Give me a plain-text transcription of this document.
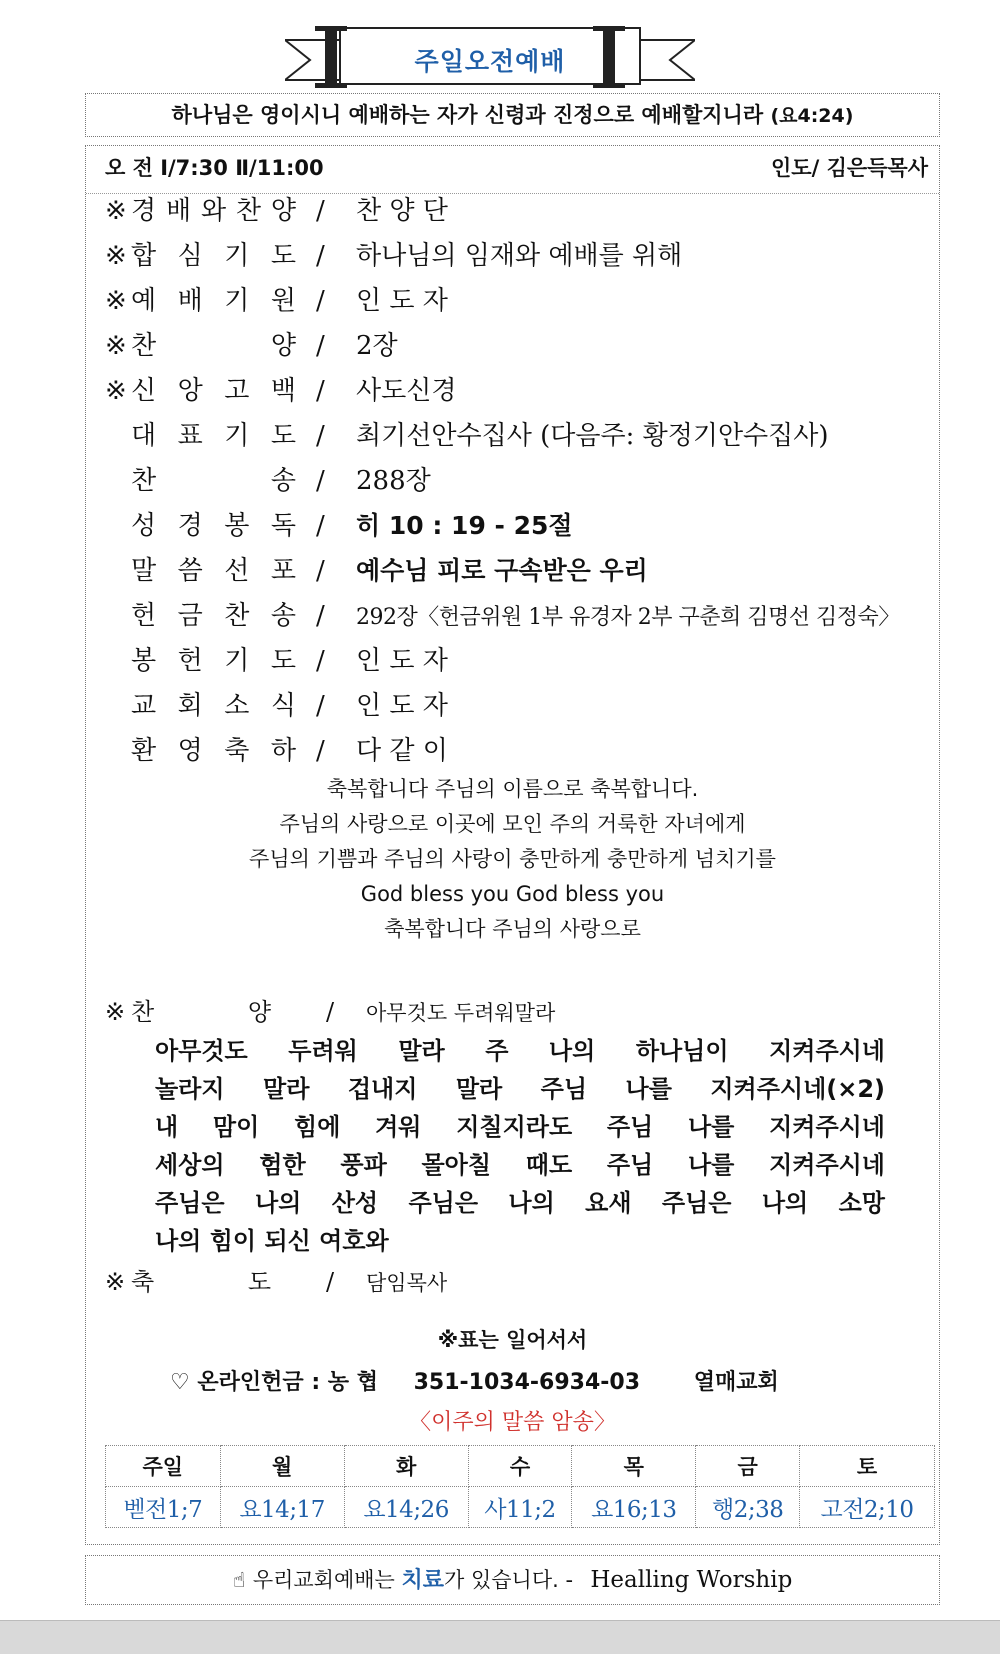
주일오전예배
하나님은 영이시니 예배하는 자가 신령과 진정으로 예배할지니라 (요4:24)
오 전 Ⅰ/7:30 Ⅱ/11:00	인도/ 김은득목사
※ 경 배 와 찬 양 / 찬 양 단
※ 합 심 기 도 / 하나님의 임재와 예배를 위해
※ 예 배 기 원 / 인 도 자
※ 찬	양 / 2장
※ 신 앙 고 백 / 사도신경
대 표 기 도 / 최기선안수집사 (다음주: 황정기안수집사)
찬	송 / 288장
성 경 봉 독 / 히 10 : 19 - 25절
말 씀 선 포 / 예수님 피로 구속받은 우리
헌 금 찬 송 / 292장〈헌금위원 1부 유경자 2부 구춘희 김명선 김정숙〉
봉 헌 기 도 / 인 도 자
교 회 소 식 / 인 도 자
환 영 축 하 / 다 같 이
축복합니다 주님의 이름으로 축복합니다.
주님의 사랑으로 이곳에 모인 주의 거룩한 자녀에게
주님의 기쁨과 주님의 사랑이 충만하게 충만하게 넘치기를
God bless you God bless you
축복합니다 주님의 사랑으로
※ 찬	양 / 아무것도 두려워말라
아무것도 두려워 말라 주 나의 하나님이 지켜주시네
놀라지 말라 겁내지 말라 주님 나를 지켜주시네(×2)
내 맘이 힘에 겨워 지칠지라도 주님 나를 지켜주시네
세상의 험한 풍파 몰아칠 때도 주님 나를 지켜주시네
주님은 나의 산성 주님은 나의 요새 주님은 나의 소망
나의 힘이 되신 여호와
※ 축	도 / 담임목사
※표는 일어서서
♡ 온라인헌금 : 농 협 351-1034-6934-03 열매교회
〈이주의 말씀 암송〉
주일	월	화	수	목	금	토
벧전1;7	요14;17	요14;26	사11;2	요16;13	행2;38	고전2;10
☝ 우리교회예배는 치료가 있습니다. - Healling Worship
